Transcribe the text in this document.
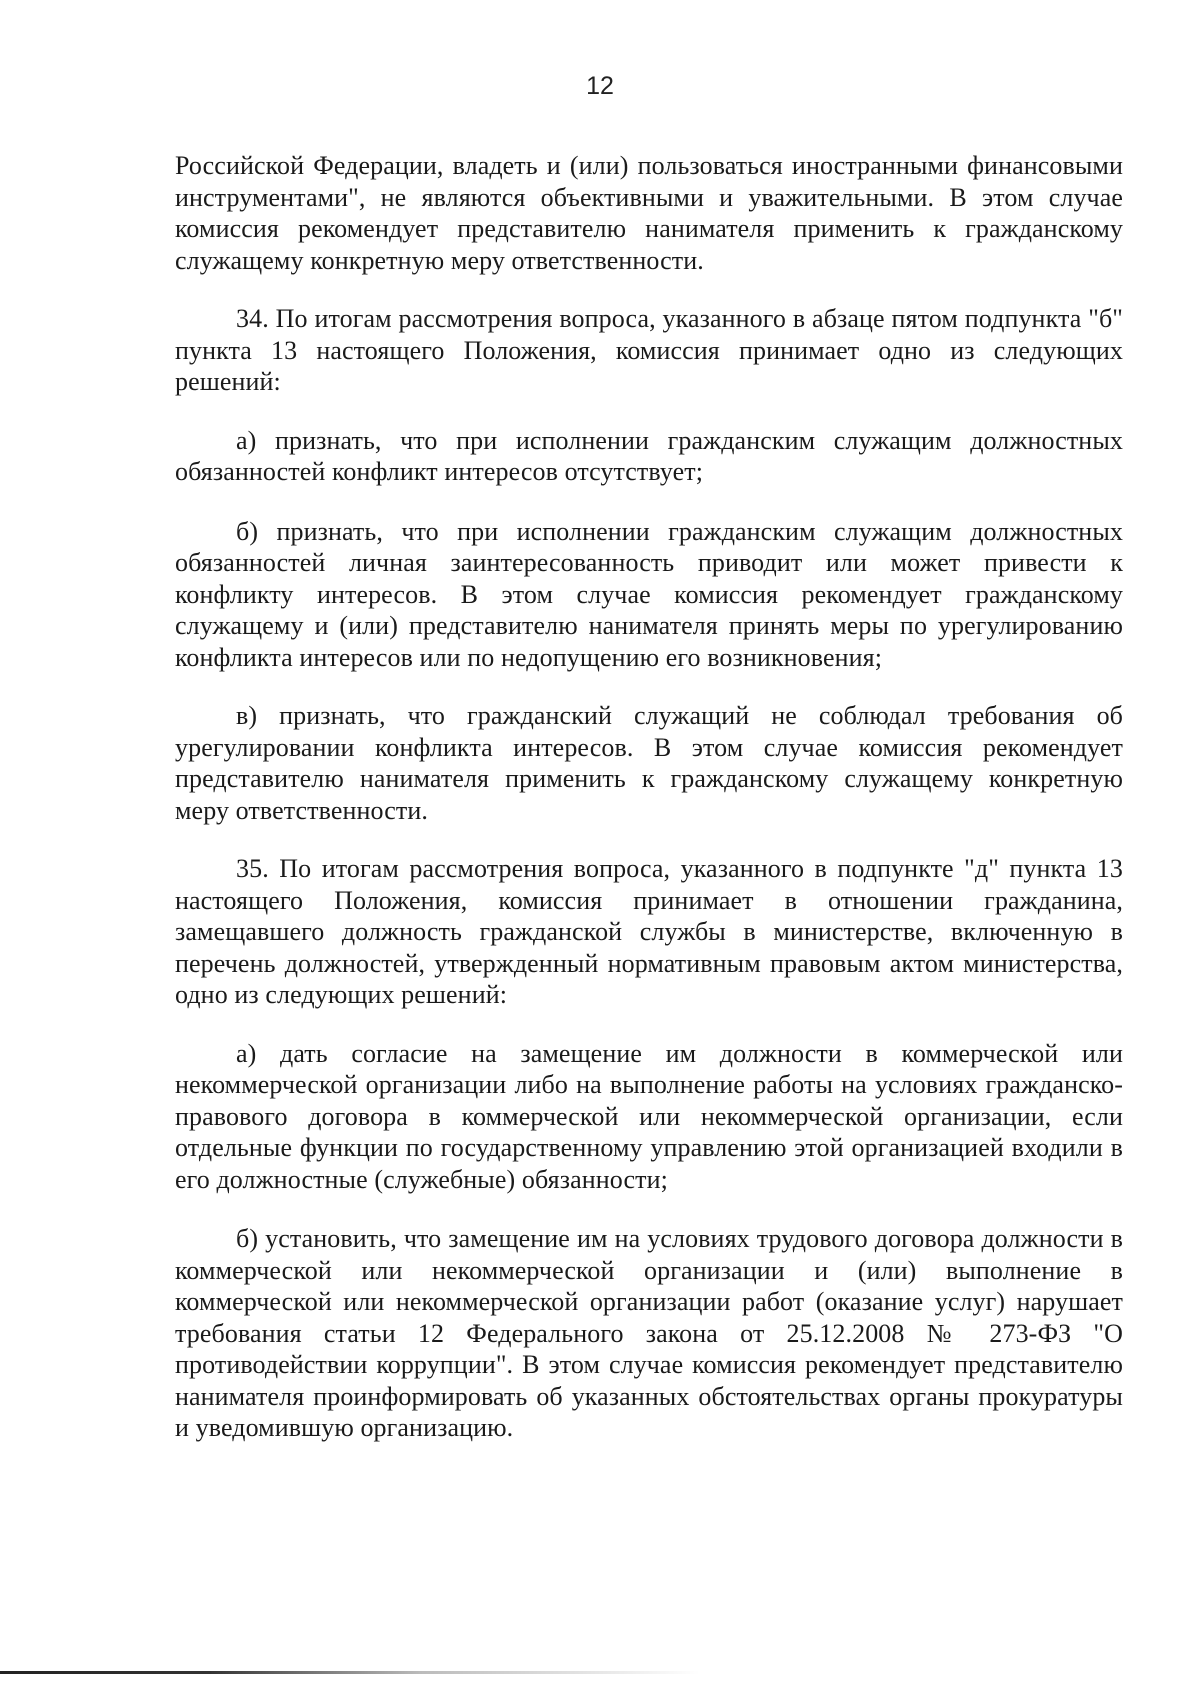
12

Российской Федерации, владеть и (или) пользоваться иностранными финансовыми инструментами", не являются объективными и уважительными. В этом случае комиссия рекомендует представителю нанимателя применить к гражданскому служащему конкретную меру ответственности.

34. По итогам рассмотрения вопроса, указанного в абзаце пятом подпункта "б" пункта 13 настоящего Положения, комиссия принимает одно из следующих решений:

а) признать, что при исполнении гражданским служащим должностных обязанностей конфликт интересов отсутствует;

б) признать, что при исполнении гражданским служащим должностных обязанностей личная заинтересованность приводит или может привести к конфликту интересов. В этом случае комиссия рекомендует гражданскому служащему и (или) представителю нанимателя принять меры по урегулированию конфликта интересов или по недопущению его возникновения;

в) признать, что гражданский служащий не соблюдал требования об урегулировании конфликта интересов. В этом случае комиссия рекомендует представителю нанимателя применить к гражданскому служащему конкретную меру ответственности.

35. По итогам рассмотрения вопроса, указанного в подпункте "д" пункта 13 настоящего Положения, комиссия принимает в отношении гражданина, замещавшего должность гражданской службы в министерстве, включенную в перечень должностей, утвержденный нормативным правовым актом министерства, одно из следующих решений:

а) дать согласие на замещение им должности в коммерческой или некоммерческой организации либо на выполнение работы на условиях гражданско-правового договора в коммерческой или некоммерческой организации, если отдельные функции по государственному управлению этой организацией входили в его должностные (служебные) обязанности;

б) установить, что замещение им на условиях трудового договора должности в коммерческой или некоммерческой организации и (или) выполнение в коммерческой или некоммерческой организации работ (оказание услуг) нарушает требования статьи 12 Федерального закона от 25.12.2008 № 273-ФЗ "О противодействии коррупции". В этом случае комиссия рекомендует представителю нанимателя проинформировать об указанных обстоятельствах органы прокуратуры и уведомившую организацию.
